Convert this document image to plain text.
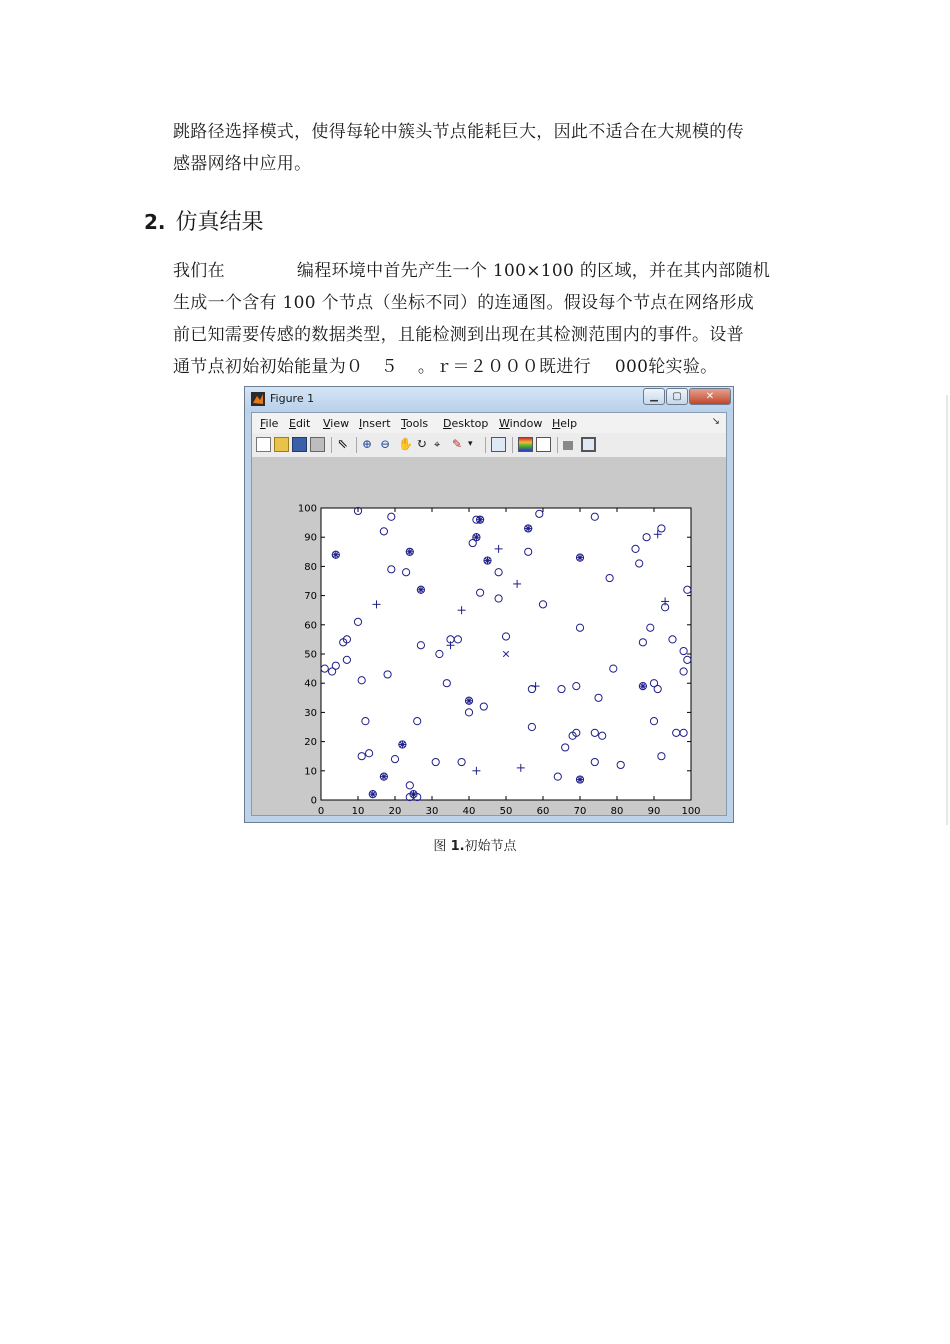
跳路径选择模式，使得每轮中簇头节点能耗巨大，因此不适合在大规模的传
感器网络中应用。
2. 仿真结果
我们在	编程环境中首先产生一个 100×100 的区域，并在其内部随机
生成一个含有 100 个节点（坐标不同）的连通图。假设每个节点在网络形成
前已知需要传感的数据类型，且能检测到出现在其检测范围内的事件。设普
通节点初始初始能量为０　５ 。ｒ＝２０００既进行 000轮实验。
Figure 1	▁	▢	✕
File Edit View Insert Tools Desktop Window Help	↘
⇖	⊕ ⊖ ✋ ↻ ⌖ ✎ ▾
0	10 20 30 40 50 60 70 80 90 100
0
10
20
30
40
50
60
70
80
90
100
图 1.初始节点
